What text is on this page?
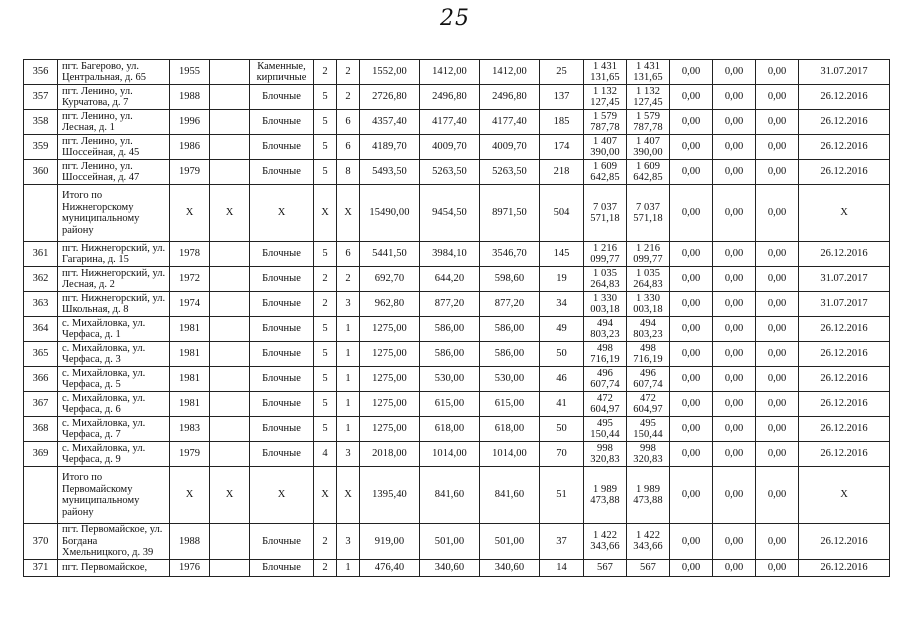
25
356	пгт. Багерово, ул. Центральная, д. 65	1955		Каменные, кирпичные	2	2	1552,00	1412,00	1412,00	25	1 431 131,65	1 431 131,65	0,00	0,00	0,00	31.07.2017
357	пгт. Ленино, ул. Курчатова, д. 7	1988		Блочные	5	2	2726,80	2496,80	2496,80	137	1 132 127,45	1 132 127,45	0,00	0,00	0,00	26.12.2016
358	пгт. Ленино, ул. Лесная, д. 1	1996		Блочные	5	6	4357,40	4177,40	4177,40	185	1 579 787,78	1 579 787,78	0,00	0,00	0,00	26.12.2016
359	пгт. Ленино, ул. Шоссейная, д. 45	1986		Блочные	5	6	4189,70	4009,70	4009,70	174	1 407 390,00	1 407 390,00	0,00	0,00	0,00	26.12.2016
360	пгт. Ленино, ул. Шоссейная, д. 47	1979		Блочные	5	8	5493,50	5263,50	5263,50	218	1 609 642,85	1 609 642,85	0,00	0,00	0,00	26.12.2016
	Итого по Нижнегорскому муниципальному району	Х	Х	Х	Х	Х	15490,00	9454,50	8971,50	504	7 037 571,18	7 037 571,18	0,00	0,00	0,00	Х
361	пгт. Нижнегорский, ул. Гагарина, д. 15	1978		Блочные	5	6	5441,50	3984,10	3546,70	145	1 216 099,77	1 216 099,77	0,00	0,00	0,00	26.12.2016
362	пгт. Нижнегорский, ул. Лесная, д. 2	1972		Блочные	2	2	692,70	644,20	598,60	19	1 035 264,83	1 035 264,83	0,00	0,00	0,00	31.07.2017
363	пгт. Нижнегорский, ул. Школьная, д. 8	1974		Блочные	2	3	962,80	877,20	877,20	34	1 330 003,18	1 330 003,18	0,00	0,00	0,00	31.07.2017
364	с. Михайловка, ул. Черфаса, д. 1	1981		Блочные	5	1	1275,00	586,00	586,00	49	494 803,23	494 803,23	0,00	0,00	0,00	26.12.2016
365	с. Михайловка, ул. Черфаса, д. 3	1981		Блочные	5	1	1275,00	586,00	586,00	50	498 716,19	498 716,19	0,00	0,00	0,00	26.12.2016
366	с. Михайловка, ул. Черфаса, д. 5	1981		Блочные	5	1	1275,00	530,00	530,00	46	496 607,74	496 607,74	0,00	0,00	0,00	26.12.2016
367	с. Михайловка, ул. Черфаса, д. 6	1981		Блочные	5	1	1275,00	615,00	615,00	41	472 604,97	472 604,97	0,00	0,00	0,00	26.12.2016
368	с. Михайловка, ул. Черфаса, д. 7	1983		Блочные	5	1	1275,00	618,00	618,00	50	495 150,44	495 150,44	0,00	0,00	0,00	26.12.2016
369	с. Михайловка, ул. Черфаса, д. 9	1979		Блочные	4	3	2018,00	1014,00	1014,00	70	998 320,83	998 320,83	0,00	0,00	0,00	26.12.2016
	Итого по Первомайскому муниципальному району	Х	Х	Х	Х	Х	1395,40	841,60	841,60	51	1 989 473,88	1 989 473,88	0,00	0,00	0,00	Х
370	пгт. Первомайское, ул. Богдана Хмельницкого, д. 39	1988		Блочные	2	3	919,00	501,00	501,00	37	1 422 343,66	1 422 343,66	0,00	0,00	0,00	26.12.2016
371	пгт. Первомайское,	1976		Блочные	2	1	476,40	340,60	340,60	14	567	567	0,00	0,00	0,00	26.12.2016
